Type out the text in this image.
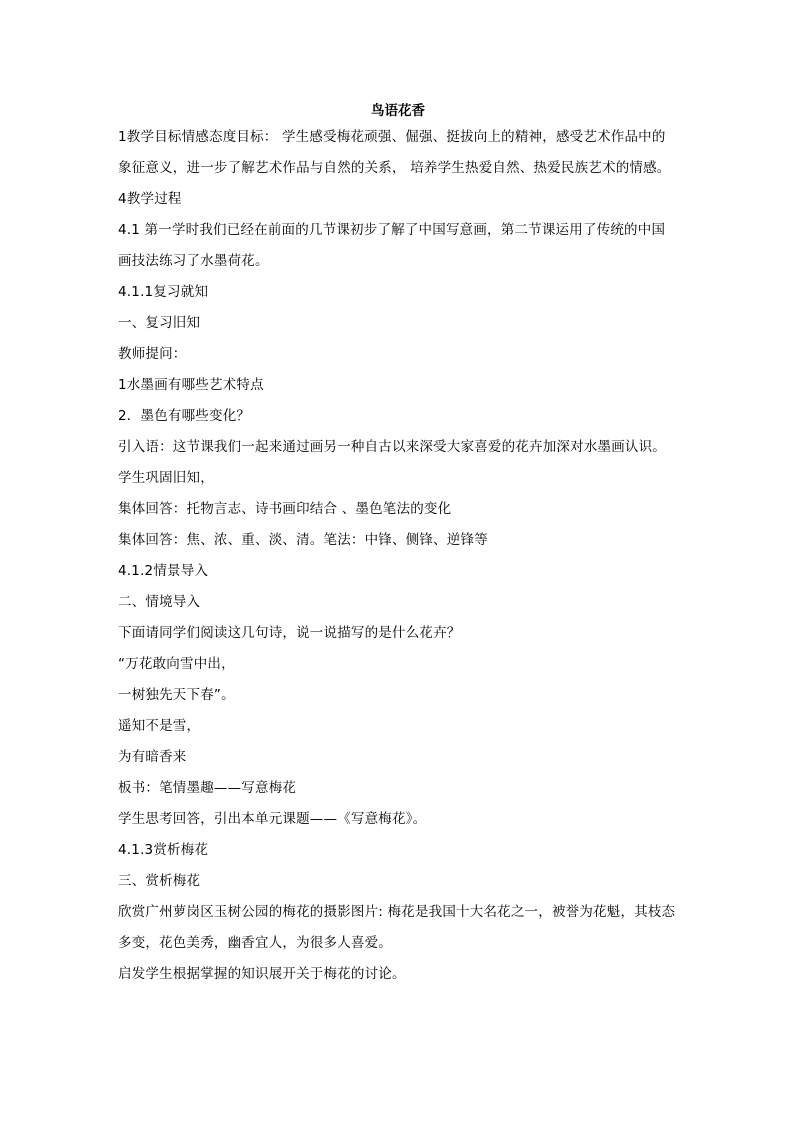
鸟语花香

1教学目标情感态度目标： 学生感受梅花顽强、倔强、挺拔向上的精神，感受艺术作品中的象征意义，进一步了解艺术作品与自然的关系， 培养学生热爱自然、热爱民族艺术的情感。

4教学过程

4.1 第一学时我们已经在前面的几节课初步了解了中国写意画，第二节课运用了传统的中国画技法练习了水墨荷花。

4.1.1复习就知

一、复习旧知

教师提问：

1水墨画有哪些艺术特点

2．墨色有哪些变化？

引入语：这节课我们一起来通过画另一种自古以来深受大家喜爱的花卉加深对水墨画认识。

学生巩固旧知，

集体回答：托物言志、诗书画印结合 、墨色笔法的变化

集体回答：焦、浓、重、淡、清。笔法：中锋、侧锋、逆锋等

4.1.2情景导入

二、情境导入

下面请同学们阅读这几句诗，说一说描写的是什么花卉？

“万花敢向雪中出，

一树独先天下春”。

遥知不是雪，

为有暗香来

板书：笔情墨趣——写意梅花

学生思考回答，引出本单元课题——《写意梅花》。

4.1.3赏析梅花

三、赏析梅花

欣赏广州萝岗区玉树公园的梅花的摄影图片: 梅花是我国十大名花之一，被誉为花魁，其枝态多变，花色美秀，幽香宜人，为很多人喜爱。

启发学生根据掌握的知识展开关于梅花的讨论。
